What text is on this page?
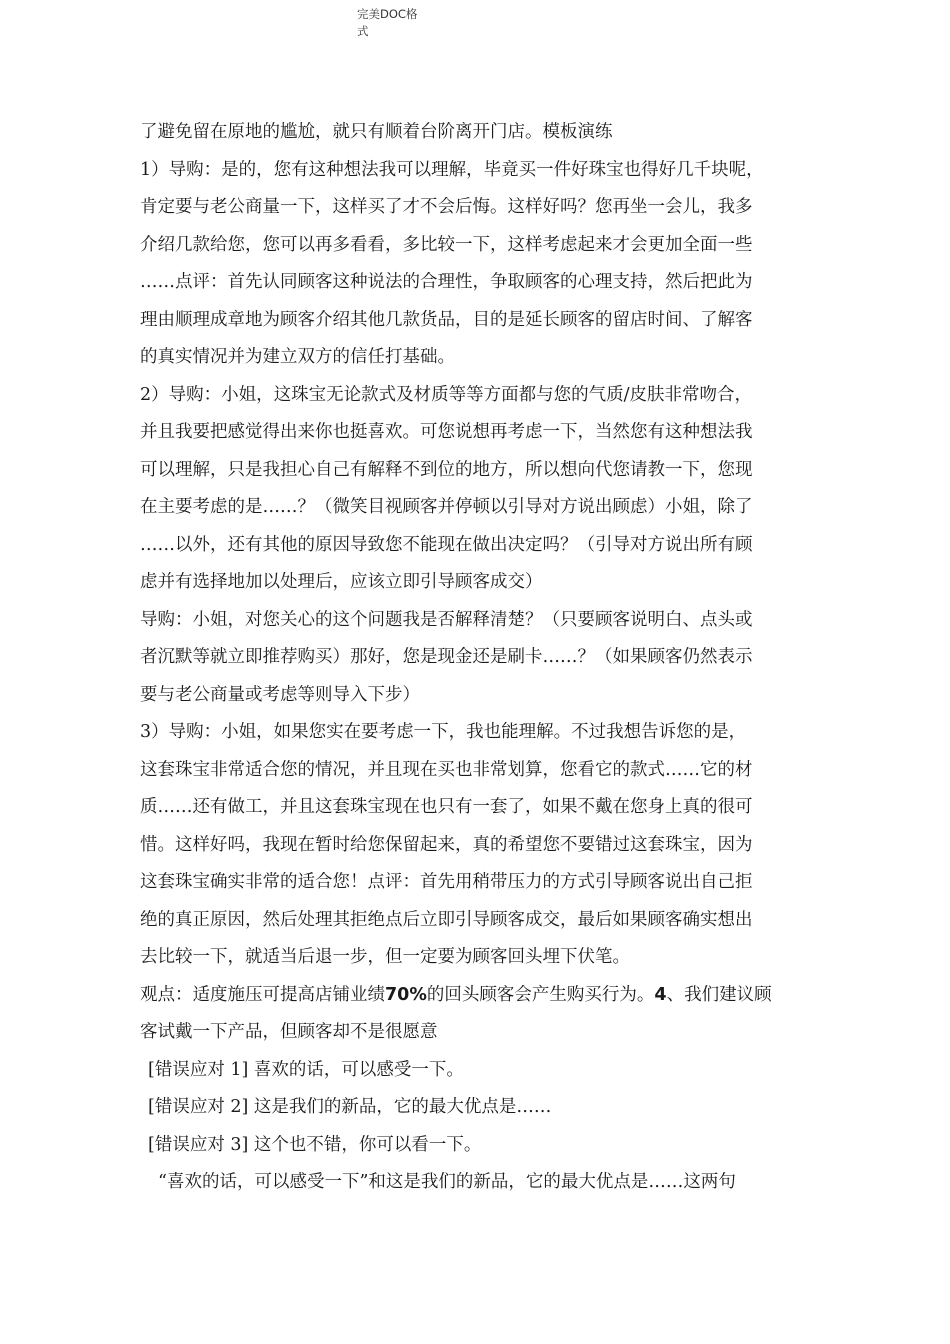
完美DOC格
式
了避免留在原地的尴尬，就只有顺着台阶离开门店。模板演练
1）导购：是的，您有这种想法我可以理解，毕竟买一件好珠宝也得好几千块呢，
肯定要与老公商量一下，这样买了才不会后悔。这样好吗？您再坐一会儿，我多
介绍几款给您，您可以再多看看，多比较一下，这样考虑起来才会更加全面一些
……点评：首先认同顾客这种说法的合理性，争取顾客的心理支持，然后把此为
理由顺理成章地为顾客介绍其他几款货品，目的是延长顾客的留店时间、了解客
的真实情况并为建立双方的信任打基础。
2）导购：小姐，这珠宝无论款式及材质等等方面都与您的气质/皮肤非常吻合，
并且我要把感觉得出来你也挺喜欢。可您说想再考虑一下，当然您有这种想法我
可以理解，只是我担心自己有解释不到位的地方，所以想向代您请教一下，您现
在主要考虑的是……？（微笑目视顾客并停顿以引导对方说出顾虑）小姐，除了
……以外，还有其他的原因导致您不能现在做出决定吗？（引导对方说出所有顾
虑并有选择地加以处理后，应该立即引导顾客成交）
导购：小姐，对您关心的这个问题我是否解释清楚？（只要顾客说明白、点头或
者沉默等就立即推荐购买）那好，您是现金还是刷卡……？（如果顾客仍然表示
要与老公商量或考虑等则导入下步）
3）导购：小姐，如果您实在要考虑一下，我也能理解。不过我想告诉您的是，
这套珠宝非常适合您的情况，并且现在买也非常划算，您看它的款式……它的材
质……还有做工，并且这套珠宝现在也只有一套了，如果不戴在您身上真的很可
惜。这样好吗，我现在暂时给您保留起来，真的希望您不要错过这套珠宝，因为
这套珠宝确实非常的适合您！点评：首先用稍带压力的方式引导顾客说出自己拒
绝的真正原因，然后处理其拒绝点后立即引导顾客成交，最后如果顾客确实想出
去比较一下，就适当后退一步，但一定要为顾客回头埋下伏笔。
观点：适度施压可提高店铺业绩70%的回头顾客会产生购买行为。4、我们建议顾
客试戴一下产品，但顾客却不是很愿意
[错误应对 1] 喜欢的话，可以感受一下。
[错误应对 2] 这是我们的新品，它的最大优点是……
[错误应对 3] 这个也不错，你可以看一下。
“喜欢的话，可以感受一下”和这是我们的新品，它的最大优点是……这两句
